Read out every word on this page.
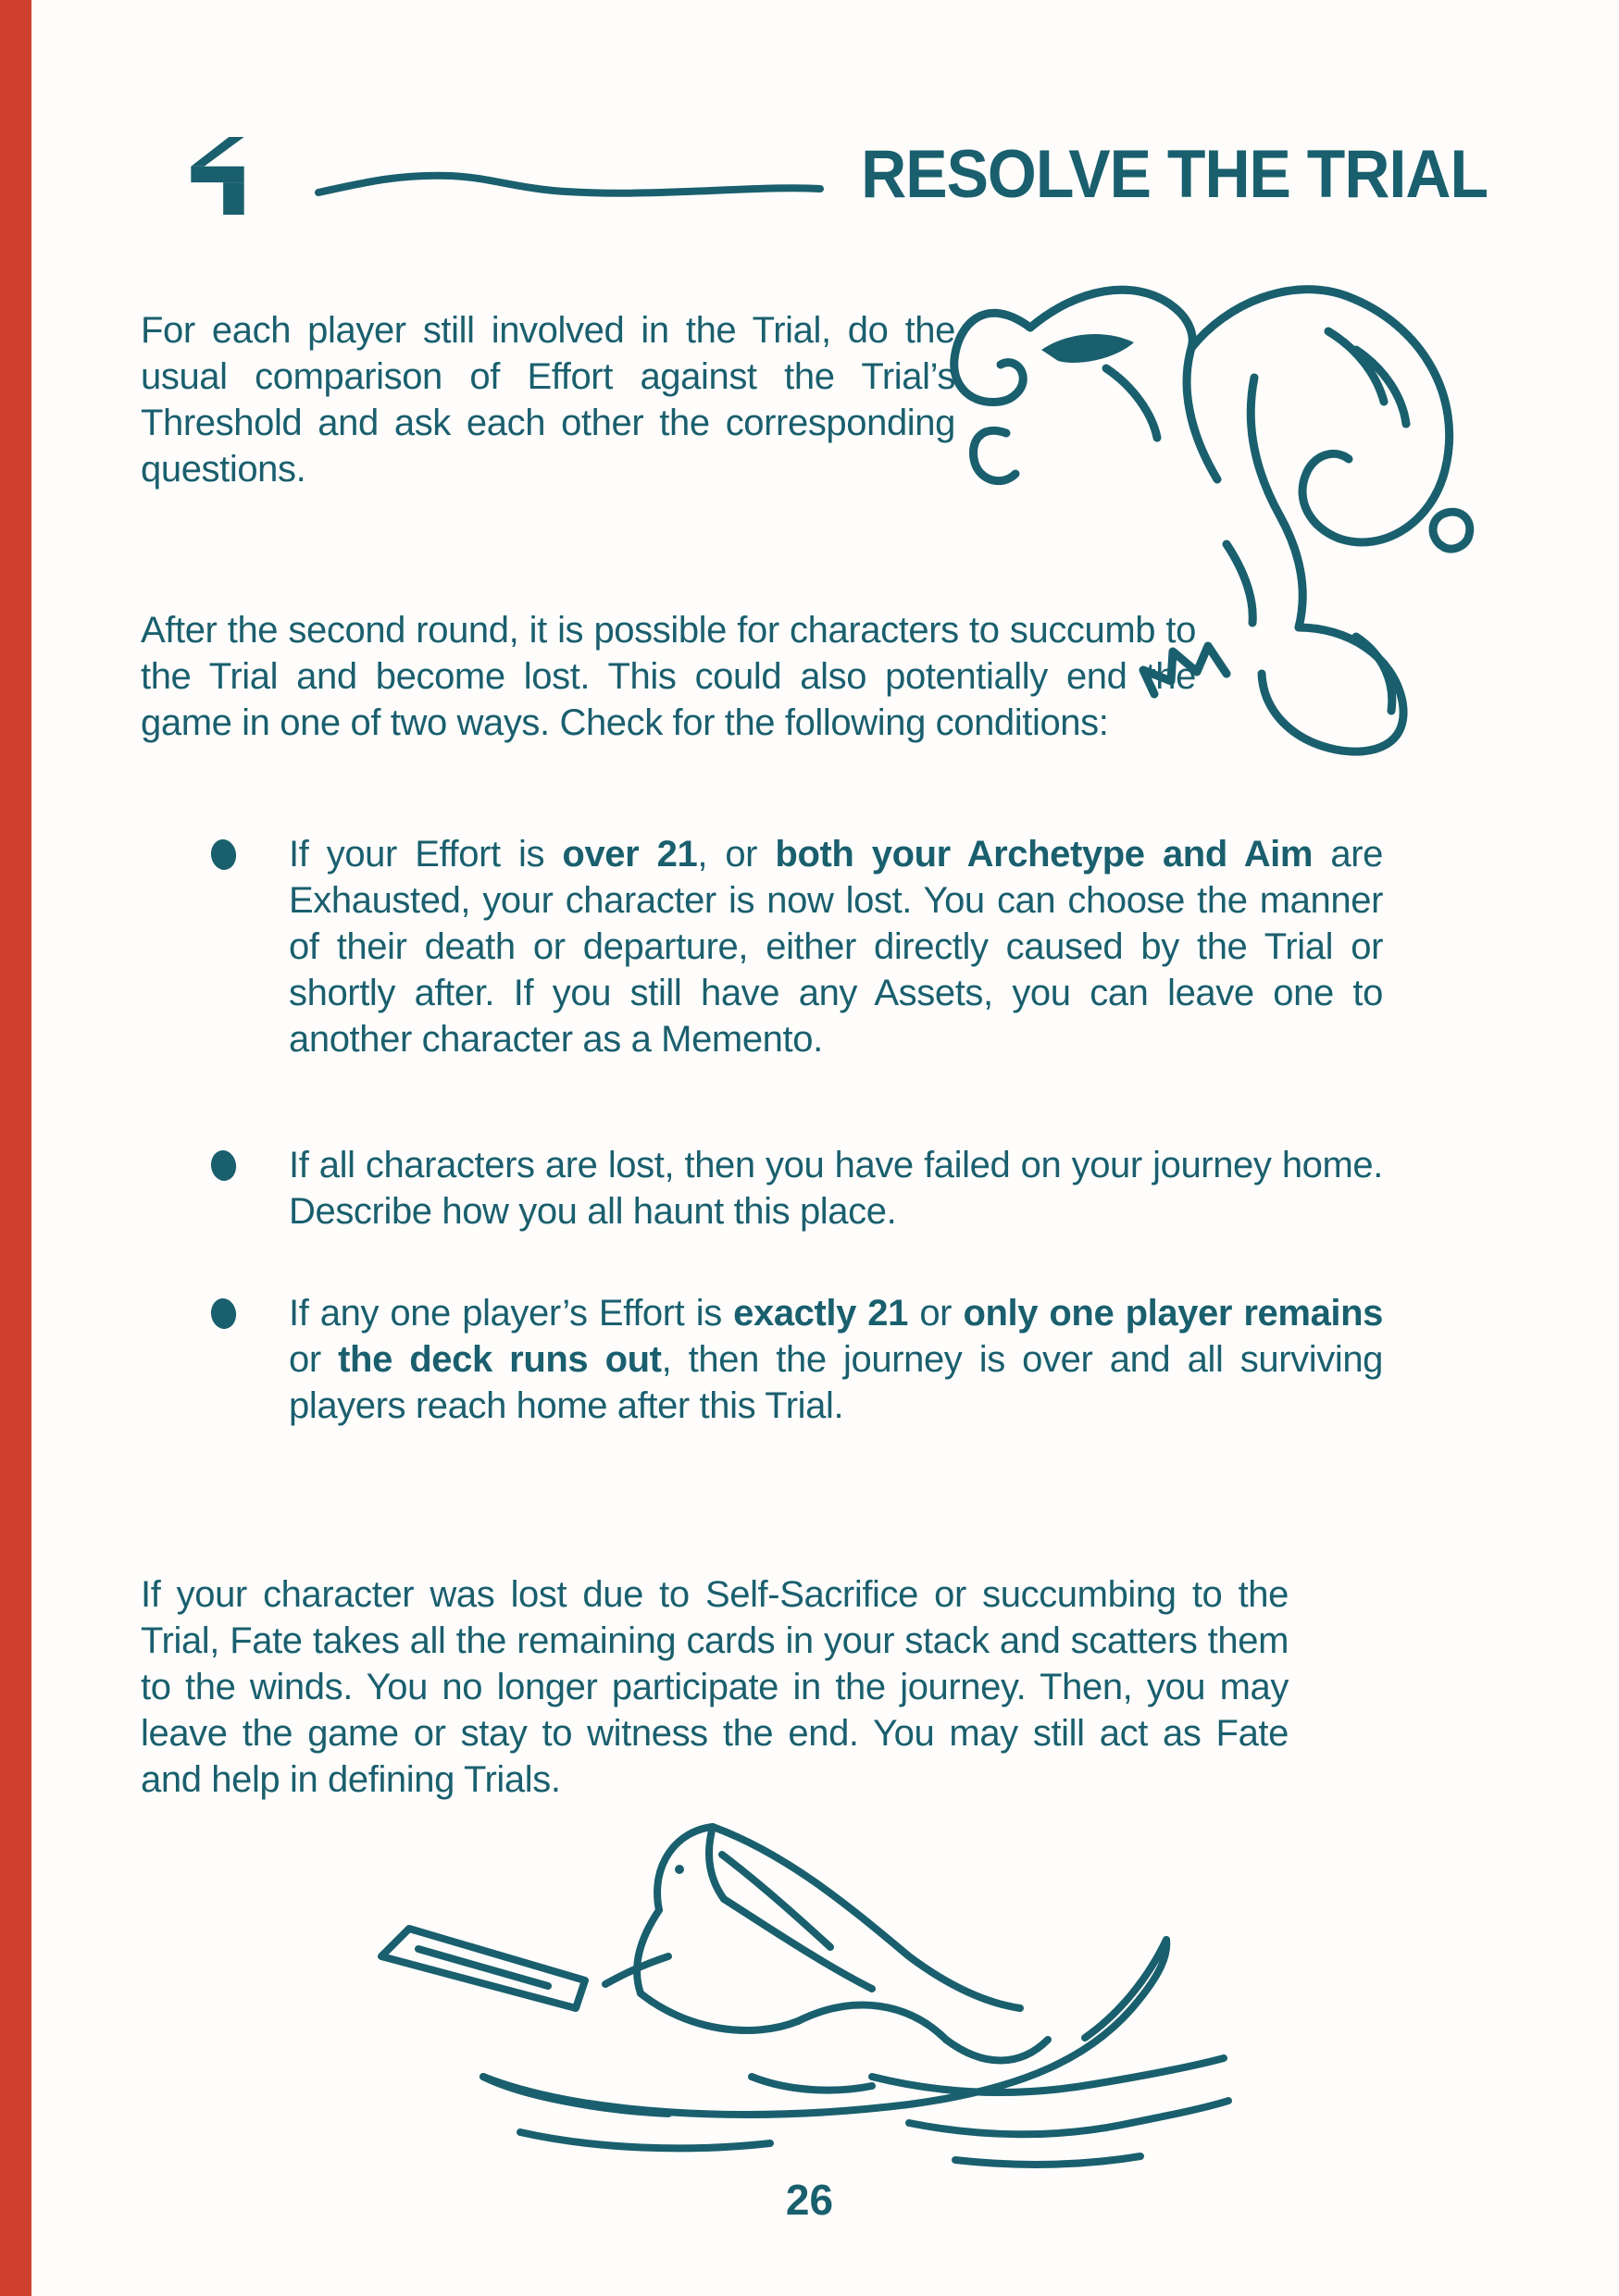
RESOLVE THE TRIAL

For each player still involved in the Trial, do the usual comparison of Effort against the Trial’s Threshold and ask each other the corresponding questions.

After the second round, it is possible for characters to succumb to the Trial and become lost. This could also potentially end the game in one of two ways. Check for the following conditions:

If your Effort is over 21, or both your Archetype and Aim are Exhausted, your character is now lost. You can choose the manner of their death or departure, either directly caused by the Trial or shortly after. If you still have any Assets, you can leave one to another character as a Memento.
If all characters are lost, then you have failed on your journey home. Describe how you all haunt this place.
If any one player’s Effort is exactly 21 or only one player remains or the deck runs out, then the journey is over and all surviving players reach home after this Trial.

If your character was lost due to Self-Sacrifice or succumbing to the Trial, Fate takes all the remaining cards in your stack and scatters them to the winds. You no longer participate in the journey. Then, you may leave the game or stay to witness the end. You may still act as Fate and help in defining Trials.

26
